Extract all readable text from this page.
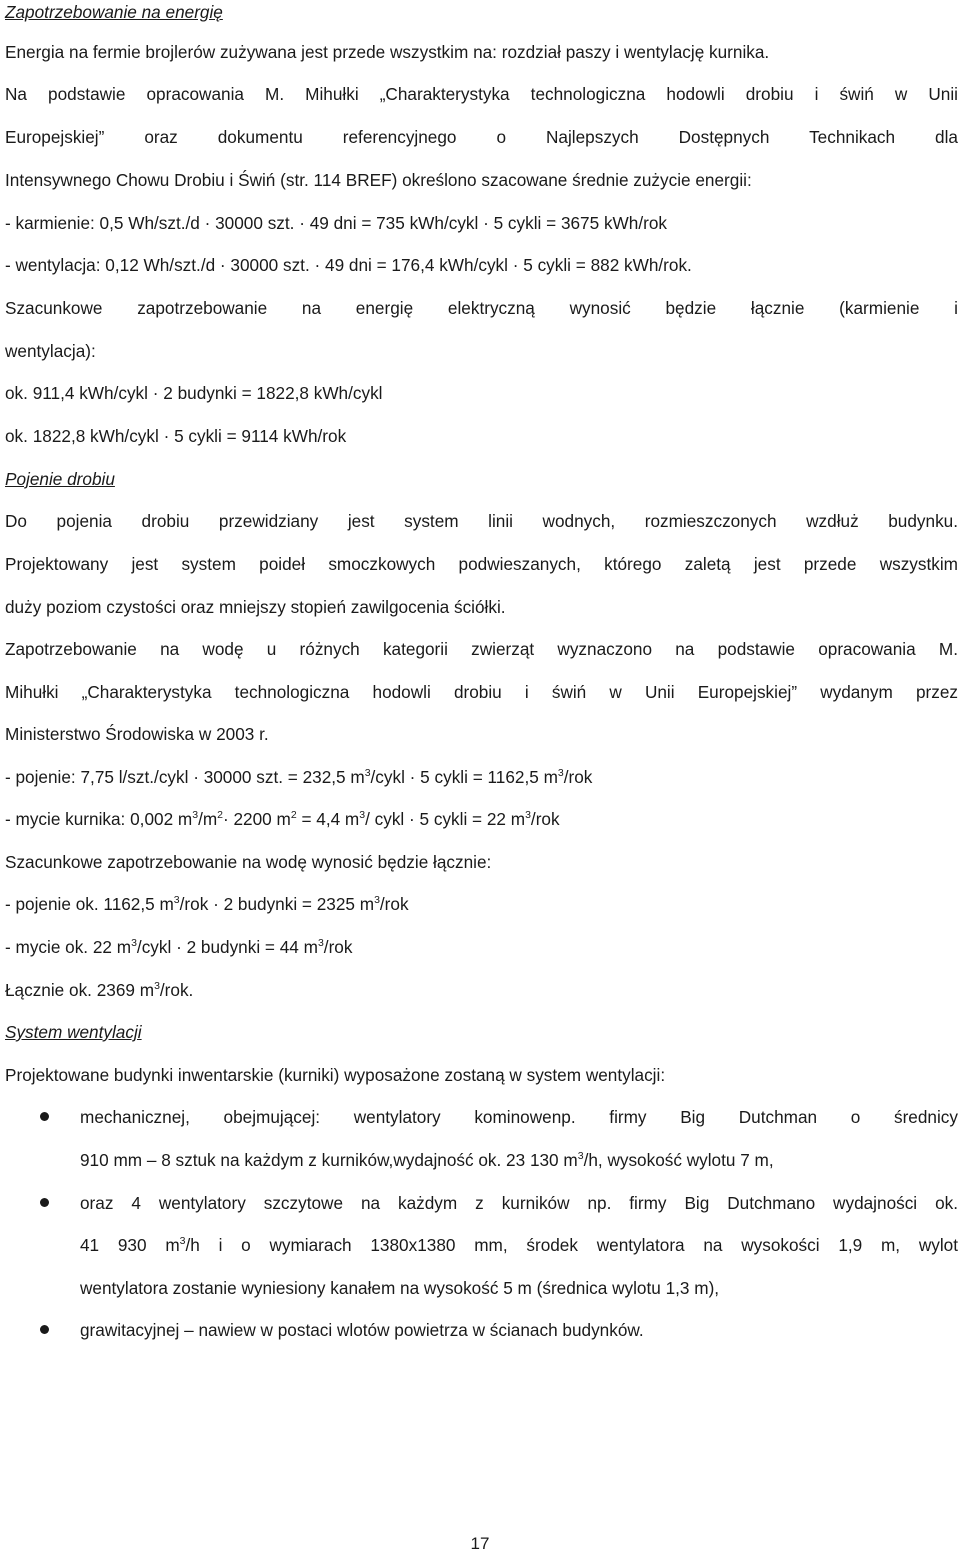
Zapotrzebowanie na energię
Energia na fermie brojlerów zużywana jest przede wszystkim na: rozdział paszy i wentylację kurnika.
Na podstawie opracowania M. Mihułki „Charakterystyka technologiczna hodowli drobiu i świń w Unii
Europejskiej” oraz dokumentu referencyjnego o Najlepszych Dostępnych Technikach dla
Intensywnego Chowu Drobiu i Świń (str. 114 BREF) określono szacowane średnie zużycie energii:
- karmienie: 0,5 Wh/szt./d · 30000 szt. · 49 dni = 735 kWh/cykl · 5 cykli = 3675 kWh/rok
- wentylacja: 0,12 Wh/szt./d · 30000 szt. · 49 dni = 176,4 kWh/cykl · 5 cykli = 882 kWh/rok.
Szacunkowe zapotrzebowanie na energię elektryczną wynosić będzie łącznie (karmienie i
wentylacja):
ok. 911,4 kWh/cykl · 2 budynki = 1822,8 kWh/cykl
ok. 1822,8 kWh/cykl · 5 cykli = 9114 kWh/rok
Pojenie drobiu
Do pojenia drobiu przewidziany jest system linii wodnych, rozmieszczonych wzdłuż budynku.
Projektowany jest system poideł smoczkowych podwieszanych, którego zaletą jest przede wszystkim
duży poziom czystości oraz mniejszy stopień zawilgocenia ściółki.
Zapotrzebowanie na wodę u różnych kategorii zwierząt wyznaczono na podstawie opracowania M.
Mihułki „Charakterystyka technologiczna hodowli drobiu i świń w Unii Europejskiej” wydanym przez
Ministerstwo Środowiska w 2003 r.
- pojenie: 7,75 l/szt./cykl · 30000 szt. = 232,5 $m^3$/cykl · 5 cykli = 1162,5 $m^3$/rok
- mycie kurnika: 0,002 $m^3/m^2\cdot 2200$ $m^2 = 4,4$ $m^3/$ cykl · 5 cykli = 22 $m^3$/rok
Szacunkowe zapotrzebowanie na wodę wynosić będzie łącznie:
- pojenie ok. 1162,5 $m^3$/rok · 2 budynki = 2325 $m^3$/rok
- mycie ok. 22 $m^3$/cykl · 2 budynki = 44 $m^3$/rok
Łącznie ok. 2369 $m^3$/rok.
System wentylacji
Projektowane budynki inwentarskie (kurniki) wyposażone zostaną w system wentylacji:
mechanicznej, obejmującej: wentylatory kominowenp. firmy Big Dutchman o średnicy
910 mm – 8 sztuk na każdym z kurników,wydajność ok. 23 130 $m^3/h$, wysokość wylotu 7 m,
oraz 4 wentylatory szczytowe na każdym z kurników np. firmy Big Dutchmano wydajności ok.
41 930 $m^3/h$ i o wymiarach 1380x1380 mm, środek wentylatora na wysokości 1,9 m, wylot
wentylatora zostanie wyniesiony kanałem na wysokość 5 m (średnica wylotu 1,3 m),
grawitacyjnej – nawiew w postaci wlotów powietrza w ścianach budynków.
17
